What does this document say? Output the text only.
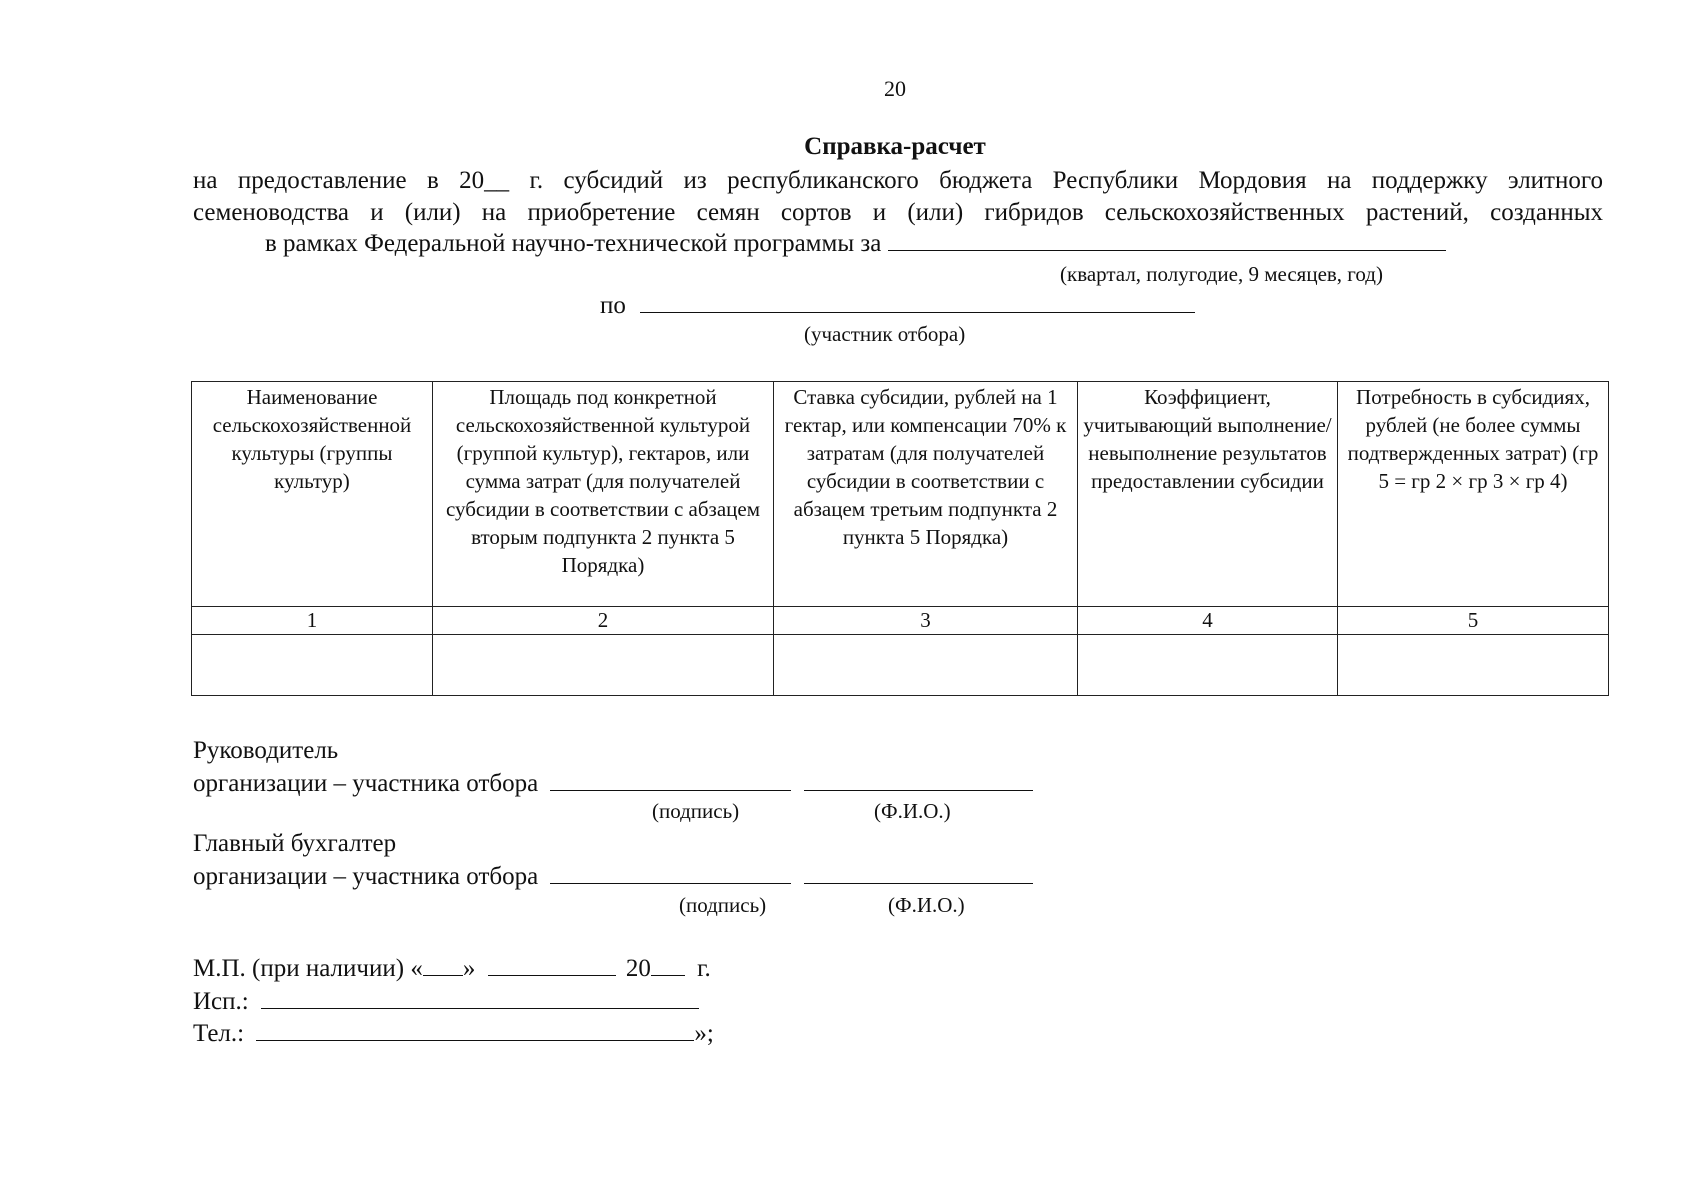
20
Справка-расчет
на предоставление в 20__ г. субсидий из республиканского бюджета Республики Мордовия на поддержку элитного
семеноводства и (или) на приобретение семян сортов и (или) гибридов сельскохозяйственных растений, созданных
в рамках Федеральной научно-технической программы за
(квартал, полугодие, 9 месяцев, год)
по
(участник отбора)
Наименование сельскохозяйственной культуры (группы культур)	Площадь под конкретной сельскохозяйственной культурой (группой культур), гектаров, или сумма затрат (для получателей субсидии в соответствии с абзацем вторым подпункта 2 пункта 5 Порядка)	Ставка субсидии, рублей на 1 гектар, или компенсации 70% к затратам (для получателей субсидии в соответствии с абзацем третьим подпункта 2 пункта 5 Порядка)	Коэффициент, учитывающий выполнение/ невыполнение результатов предоставлении субсидии	Потребность в субсидиях, рублей (не более суммы подтвержденных затрат) (гр 5 = гр 2 × гр 3 × гр 4)
1	2	3	4	5

Руководитель
организации – участника отбора
(подпись)	(Ф.И.О.)
Главный бухгалтер
организации – участника отбора
(подпись)	(Ф.И.О.)
М.П. (при наличии) « »	20 г.
Исп.:
Тел.:	»;
